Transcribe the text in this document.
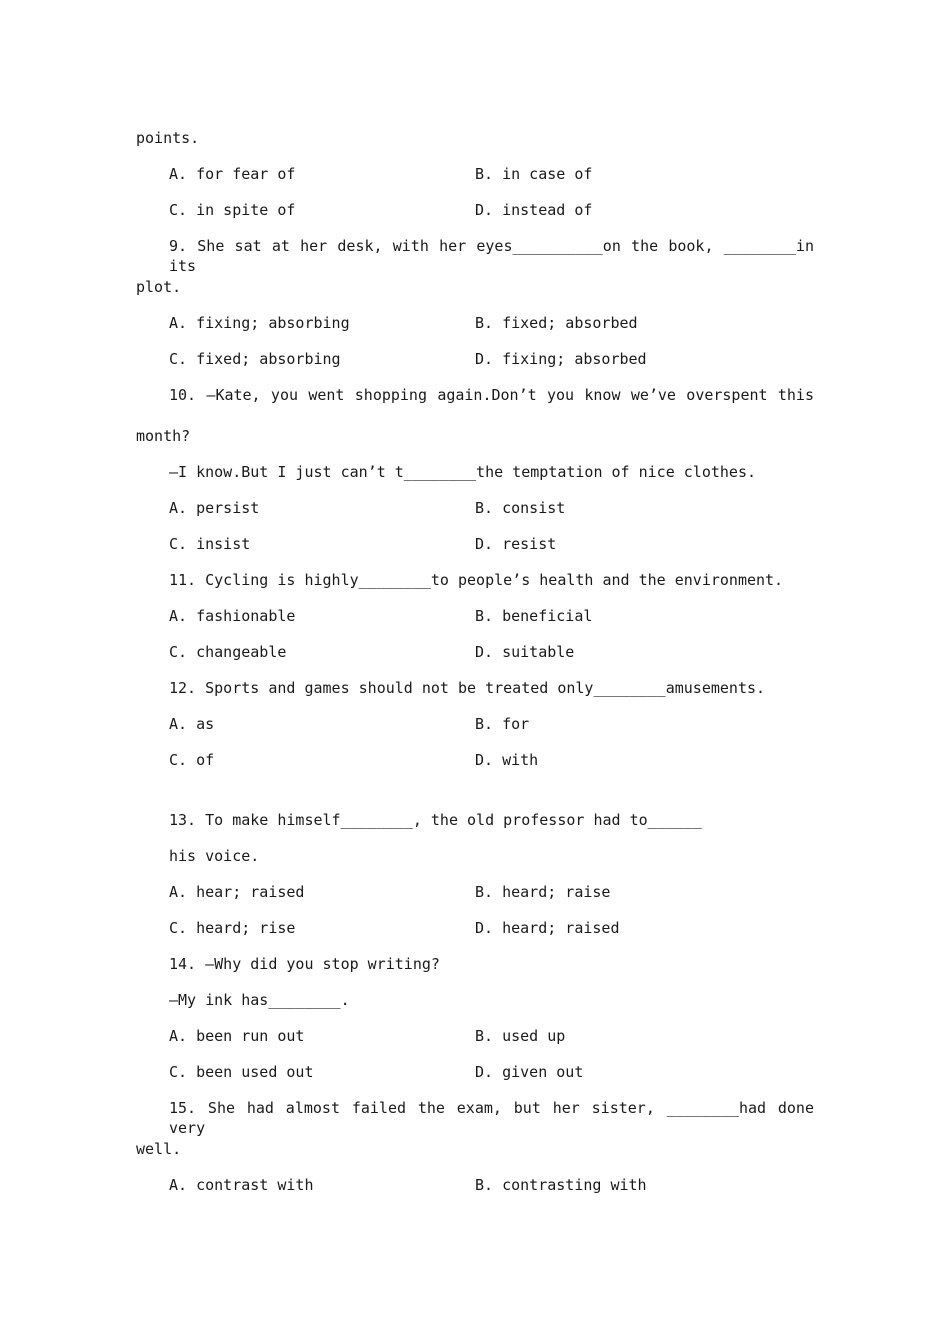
points.
A. for fear of	B. in case of
C. in spite of	D. instead of
9. She sat at her desk, with her eyes__________on the book, ________in its
plot.
A. fixing; absorbing	B. fixed; absorbed
C. fixed; absorbing	D. fixing; absorbed
10. —Kate, you went shopping again.Don’t you know we’ve overspent this
month?
—I know.But I just can’t t________the temptation of nice clothes.
A. persist	B. consist
C. insist	D. resist
11. Cycling is highly________to people’s health and the environment.
A. fashionable	B. beneficial
C. changeable	D. suitable
12. Sports and games should not be treated only________amusements.
A. as	B. for
C. of	D. with
13. To make himself________, the old professor had to______
his voice.
A. hear; raised	B. heard; raise
C. heard; rise	D. heard; raised
14. —Why did you stop writing?
—My ink has________.
A. been run out	B. used up
C. been used out	D. given out
15. She had almost failed the exam, but her sister, ________had done very
well.
A. contrast with	B. contrasting with
